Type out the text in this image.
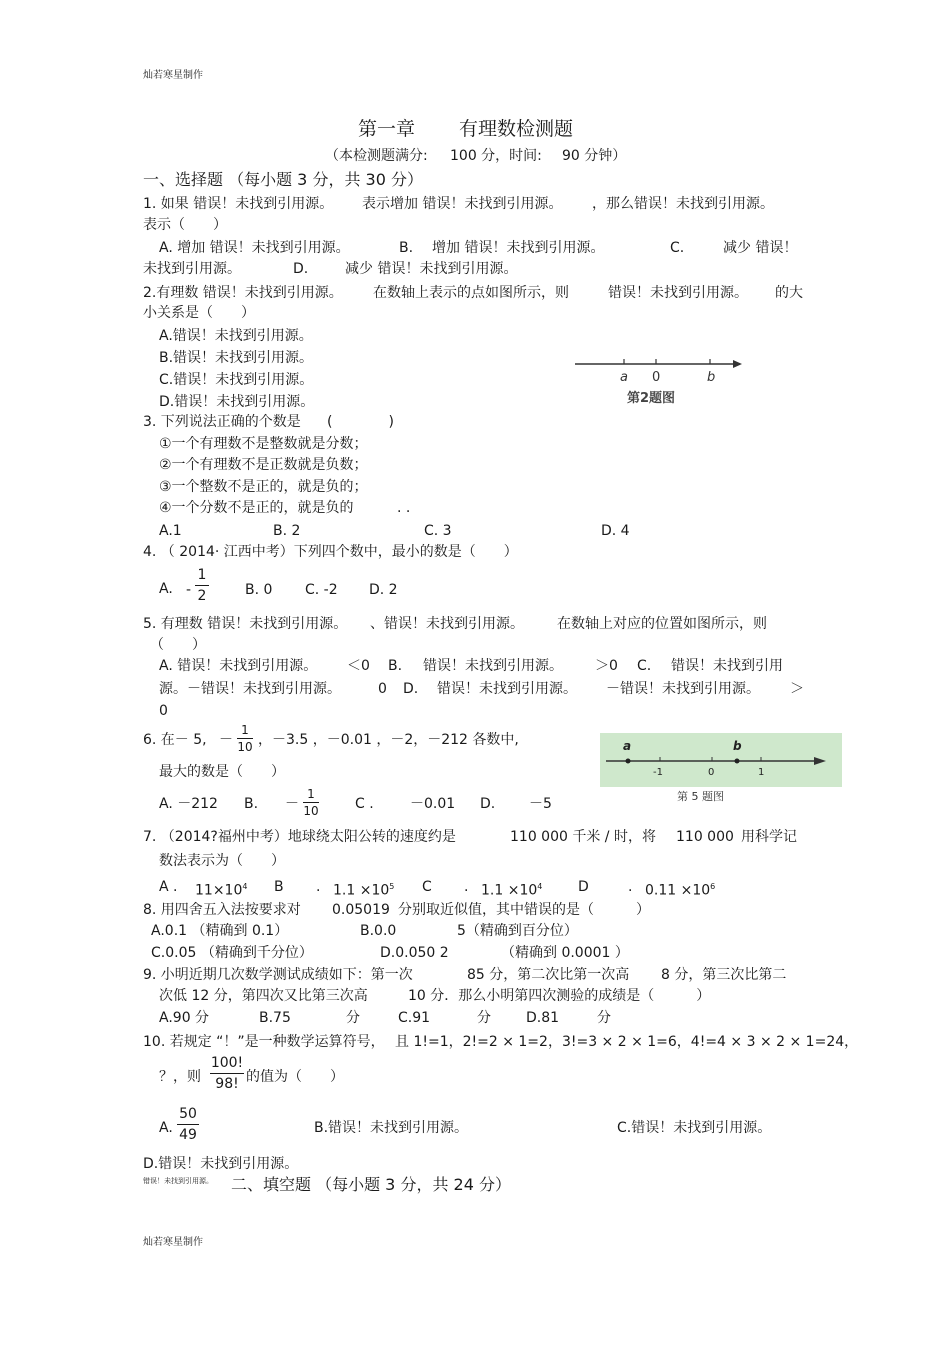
灿若寒星制作
灿若寒星制作
第一章 有理数检测题
（本检测题满分: 100 分，时间: 90 分钟）
一、选择题 （每小题 3 分，共 30 分）
1. 如果 错误！未找到引用源。 表示增加 错误！未找到引用源。 ，那么错误！未找到引用源。
表示（　　）
A. 增加 错误！未找到引用源。	B. 增加 错误！未找到引用源。	C.	减少 错误！
未找到引用源。	D.	减少 错误！未找到引用源。
2.有理数 错误！未找到引用源。 在数轴上表示的点如图所示，则	错误！未找到引用源。 的大
小关系是（　　）
A.错误！未找到引用源。
B.错误！未找到引用源。
C.错误！未找到引用源。
D.错误！未找到引用源。
a 0	b
第2题图
3. 下列说法正确的个数是 (　　　　)
①一个有理数不是整数就是分数；
②一个有理数不是正数就是负数；
③一个整数不是正的，就是负的；
④一个分数不是正的，就是负的	. .
A.1	B. 2	C. 3	D. 4
4. （ 2014· 江西中考）下列四个数中，最小的数是（　　）
A. -
1
2	B. 0 C. -2 D. 2
5. 有理数 错误！未找到引用源。 、错误！未找到引用源。 在数轴上对应的位置如图所示，则
（　　）
A. 错误！未找到引用源。 ＜0 B. 错误！未找到引用源。 ＞0 C. 错误！未找到引用
源。－错误！未找到引用源。	0 D. 错误！未找到引用源。 －错误！未找到引用源。 ＞
0
a	b
-1	0	1
第 5 题图
6. 在－ 5, －
1
10 ，－3.5 ，－0.01 ，－2，－212 各数中,
最大的数是（　　）
A. －212 B. －
1
10	C .	－0.01 D. －5
7. （2014?福州中考）地球绕太阳公转的速度约是	110 000 千米 / 时，将 110 000 用科学记
数法表示为（　　）
A . $11\times 10^4$ B . $1.1 \times 10^5$ C . $1.1 \times 10^4$	D	. $0.11 \times 10^6$
8. 用四舍五入法按要求对 0.05019 分别取近似值，其中错误的是（　　　）
A.0.1 （精确到 0.1）	B.0.0	5（精确到百分位）
C.0.05 （精确到千分位）	D.0.050 2	（精确到 0.0001 ）
9. 小明近期几次数学测试成绩如下：第一次	85 分，第二次比第一次高 8 分，第三次比第二
次低 12 分，第四次又比第三次高	10 分．那么小明第四次测验的成绩是（　　　）
A.90 分	B.75	分	C.91	分	D.81	分
10. 若规定 “！”是一种数学运算符号， 且 1!=1，2!=2 × 1=2，3!=3 × 2 × 1=6，4!=4 × 3 × 2 × 1=24，
？，则
100!
98! 的值为（　　）
A.
50
49	B.错误！未找到引用源。	C.错误！未找到引用源。
D.错误！未找到引用源。
错误！未找到引用源。 二、填空题 （每小题 3 分，共 24 分）
